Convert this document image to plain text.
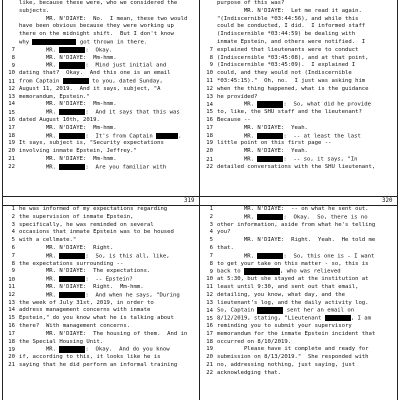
319	320
like, because these were, who we considered the
subjects.
MR. N'DIAYE:  No.  I mean, these two would
have been obvious because they were working up
there on the midnight shift.  But I don't know
why	got thrown in there.
7        MR.	:  Okay.
8        MR. N'DIAYE:  Mm-hmm.
9        MR.	:  Mind just initial and
10 dating that?  Okay.  And this one is an email
11 from Captain	to you, dated Sunday,
12 August 11, 2019.  And it says, subject, "A
13 memorandum, Epstein."
14        MR. N'DIAYE:  Mm-hmm.
15        MR.	:  And it says that this was
16 dated August 10th, 2019.
17        MR. N'DIAYE:  Mm-hmm.
18        MR.	:  It's from Captain	.
19 It says, subject is, "Security expectations
20 involving inmate Epstein, Jeffrey."
21        MR. N'DIAYE:  Mm-hmm.
22        MR.	:  Are you familiar with
purpose of this was?
MR. N'DIAYE:  Let me read it again.
"(Indiscernible *03:44:56), and while this
could be conducted, I did.  I informed staff
(Indiscernible *03:44:59) be dealing with
inmate Epstein, and others were notified.  I
7 explained that lieutenants were to conduct
8 (Indiscernible *03:45:08), and at that point,
9 (Indiscernible *03:45:09).  I explained I
10 could, and they would not (Indiscernible
11 *03:45:15)."  Oh, no.  I just was asking him
12 when the thing happened, what is the guidance
13 he provided?
14        MR.	:  So, what did he provide
15 to, like, the SHU staff and the lieutenant?
16 Because --
17        MR. N'DIAYE:  Yeah.
18        MR.	:  -- at least the last
19 little point on this first page --
20        MR. N'DIAYE:  Yeah.
21        MR.	:  -- so, it says, "In
22 detailed conversations with the SHU lieutenant,
1 he was informed of my expectations regarding
2 the supervision of inmate Epstein,
3 specifically, he was reminded on several
4 occasions that inmate Epstein was to be housed
5 with a cellmate."
6        MR. N'DIAYE:  Right.
7        MR.	:  So, is this all, like,
8 the expectations surrounding --
9        MR. N'DIAYE:  The expectations.
10        MR.	:  -- Epstein?
11        MR. N'DIAYE:  Right.  Mm-hmm.
12        MR.	:  And when he says, "During
13 the week of July 31st, 2019, in order to
14 address management concerns with inmate
15 Epstein," do you know what he is talking about
16 there?  With management concerns.
17        MR. N'DIAYE:  The housing of them.  And in
18 the Special Housing Unit.
19        MR.	:  Okay.  And do you know
20 if, according to this, it looks like he is
21 saying that he did perform an informal training
1        MR. N'DIAYE:  -- on what he sent out.
2        MR.	:  Okay.  So, there is no
3 other information, aside from what he's telling
4 you?
5        MR. N'DIAYE:  Right.  Yeah.  He told me
6 that.
7        MR.	:  So, this one is - I want
8 to get your take on this matter - so, this is
9 back to	, who was relieved
10 at 5:30, but she stayed at the institution at
11 least until 9:30, and sent out that email,
12 detailing, you know, what day, and the
13 lieutenant's log, and the daily activity log.
14 So, Captain	sent her an email on
15 8/12/2019, stating, "Lieutenant	, I am
16 reminding you to submit your supervisory
17 memorandum for the inmate Epstein incident that
18 occurred on 8/10/2019.
19        Please have it complete and ready for
20 submission on 8/13/2019."  She responded with
21 no, addressing nothing, just saying, just
22 acknowledging that.
